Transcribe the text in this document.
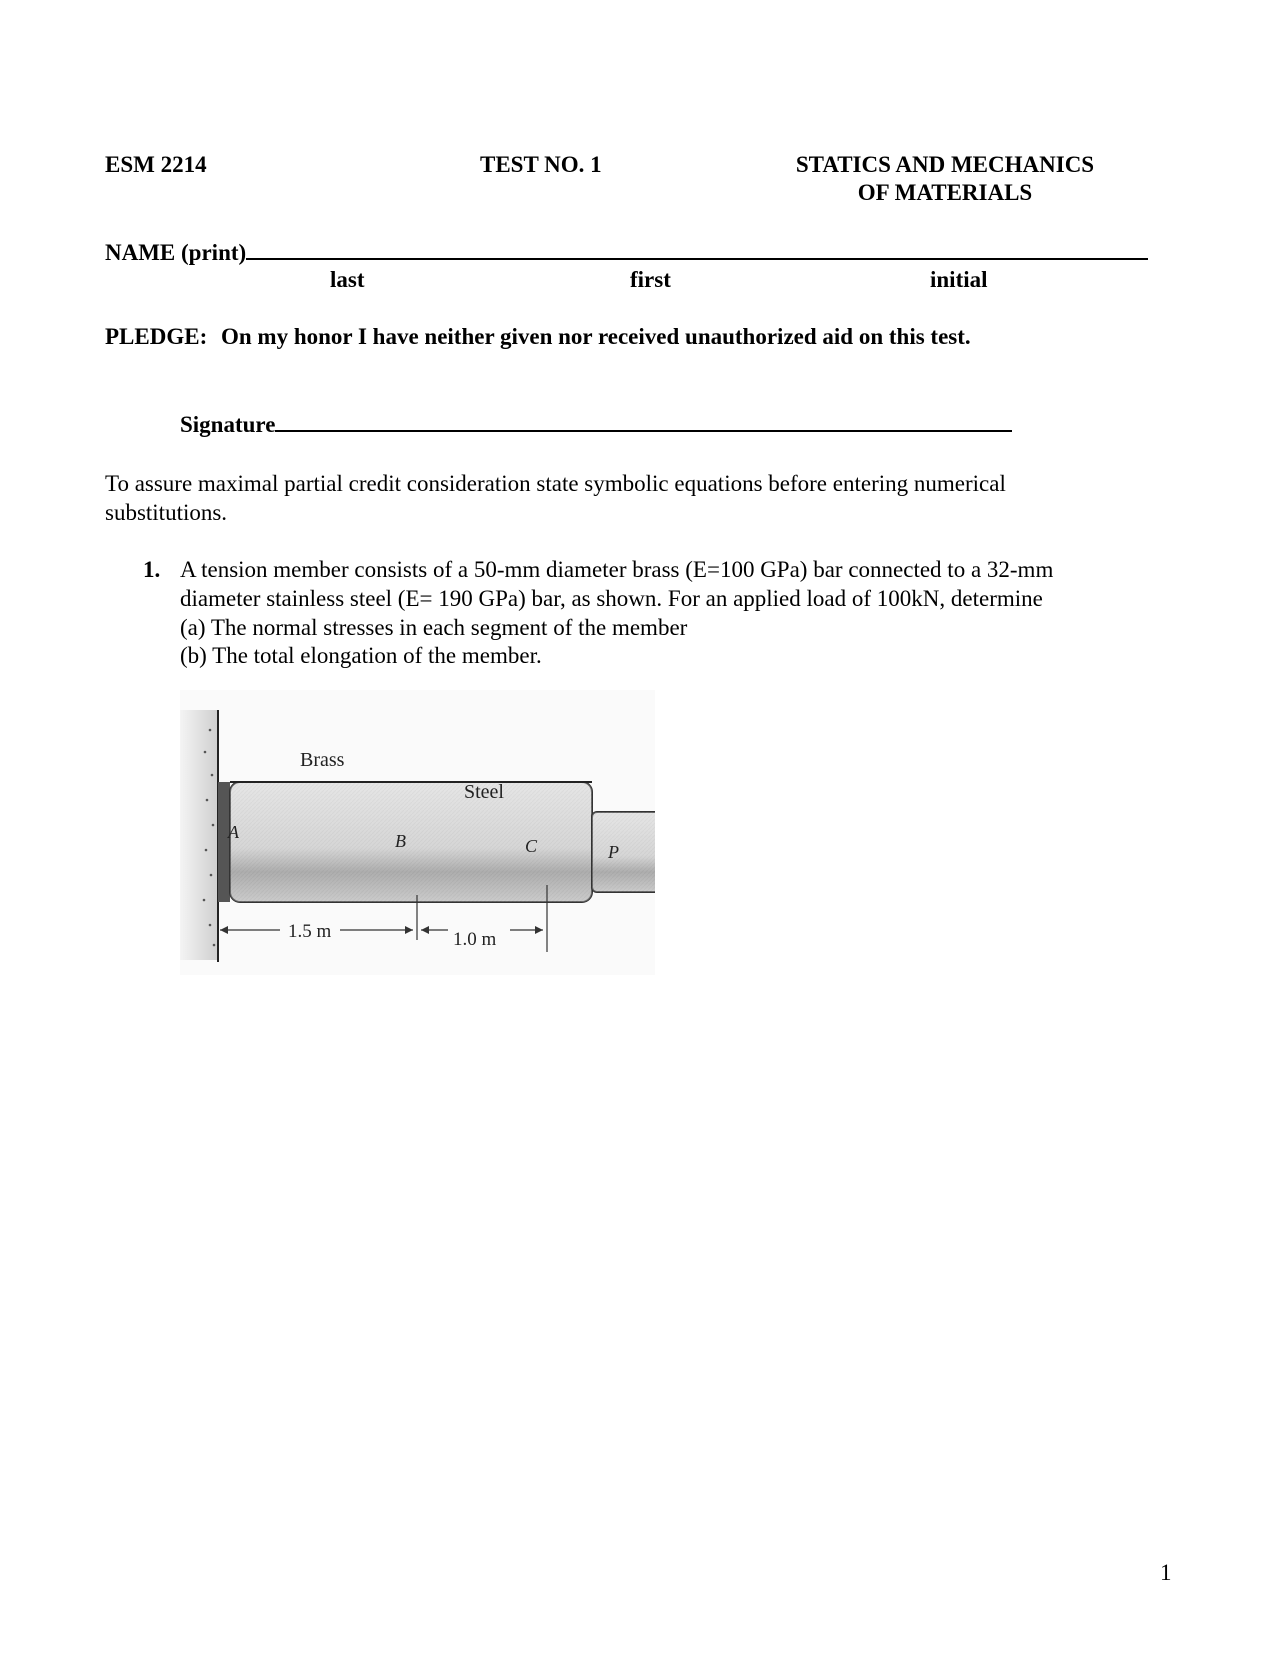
ESM 2214	TEST NO. 1	STATICS AND MECHANICS
OF MATERIALS
NAME (print)
last	first	initial
PLEDGE: On my honor I have neither given nor received unauthorized aid on this test.
Signature
To assure maximal partial credit consideration state symbolic equations before entering numerical
substitutions.
1. A tension member consists of a 50-mm diameter brass (E=100 GPa) bar connected to a 32-mm
diameter stainless steel (E= 190 GPa) bar, as shown. For an applied load of 100kN, determine
(a) The normal stresses in each segment of the member
(b) The total elongation of the member.
Brass
Steel
A	B	C	P
1.5 m	1.0 m
1
